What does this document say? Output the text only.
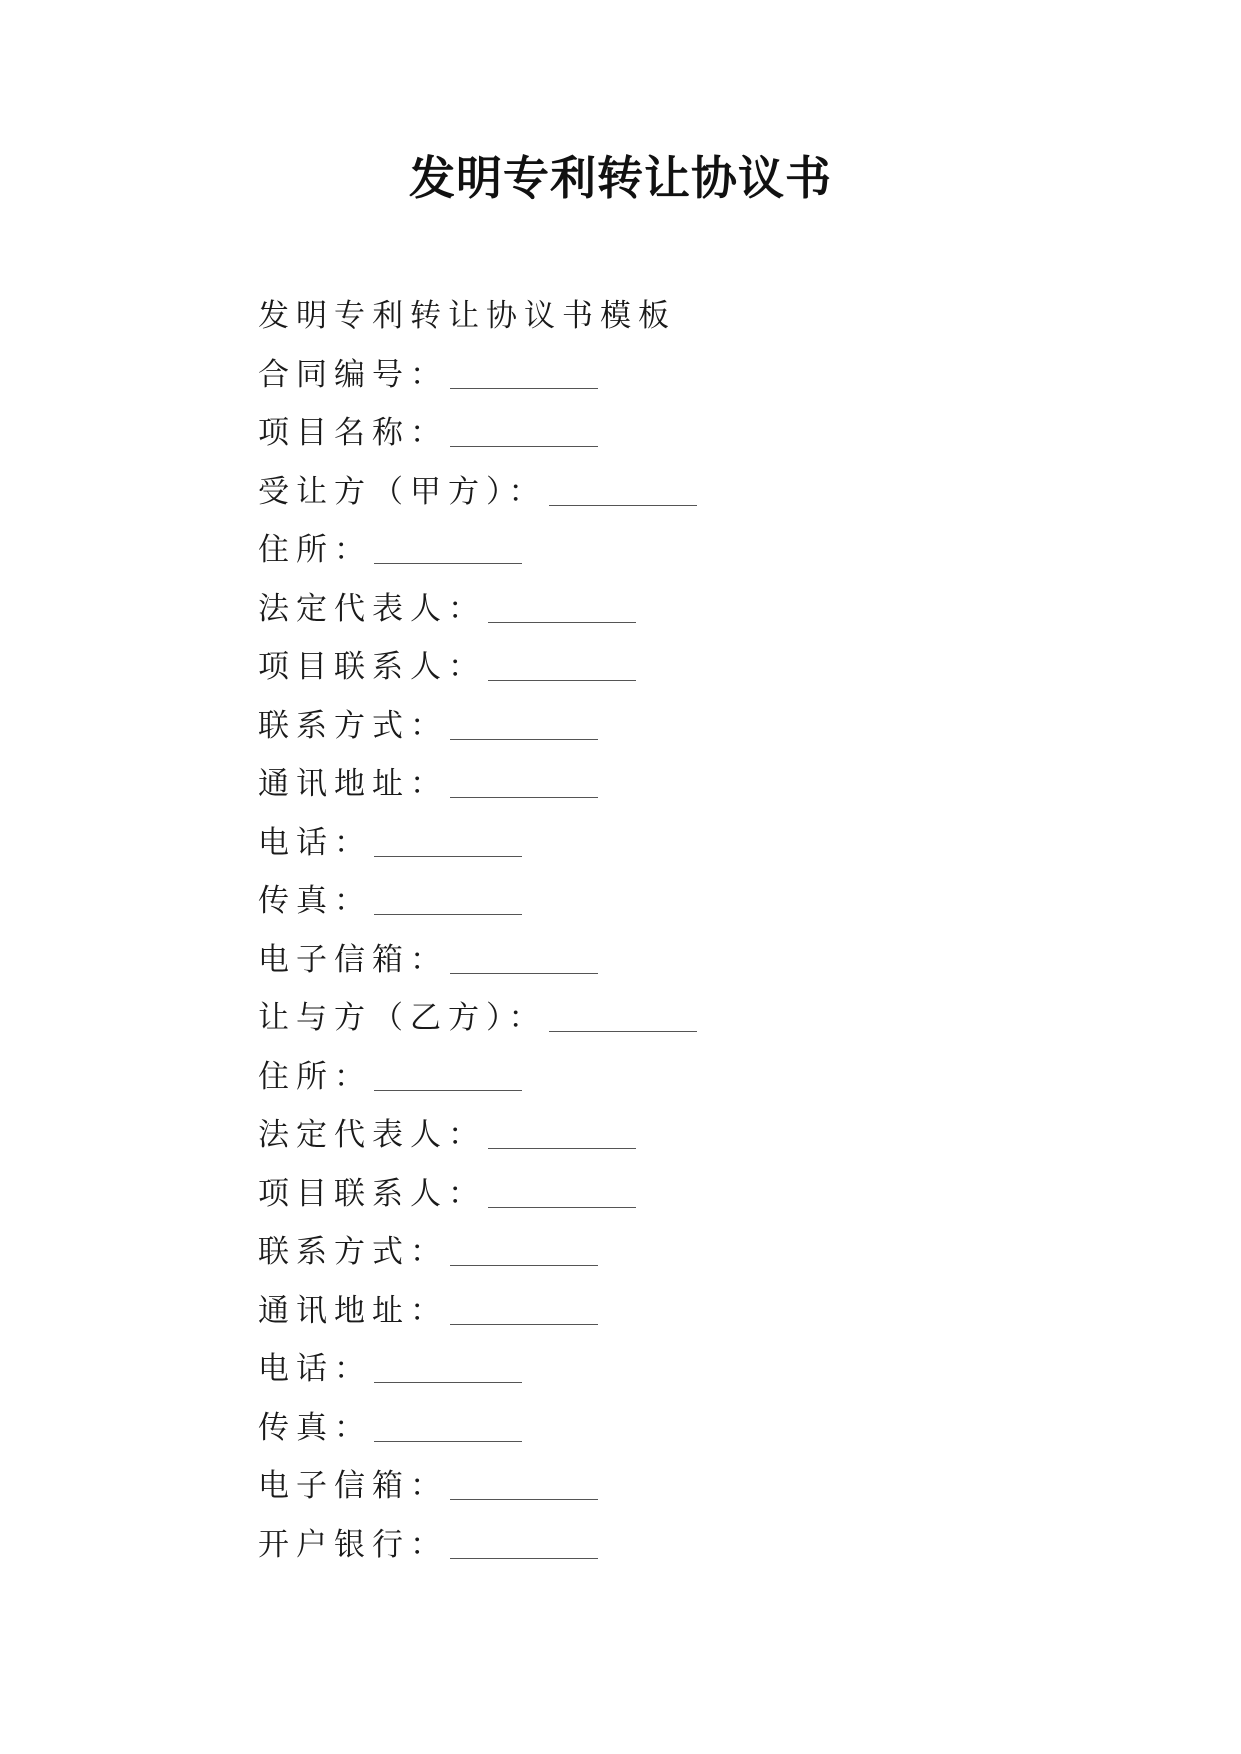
发明专利转让协议书
发明专利转让协议书模板
合同编号：
项目名称：
受让方（甲方）：
住所：
法定代表人：
项目联系人：
联系方式：
通讯地址：
电话：
传真：
电子信箱：
让与方（乙方）：
住所：
法定代表人：
项目联系人：
联系方式：
通讯地址：
电话：
传真：
电子信箱：
开户银行：
